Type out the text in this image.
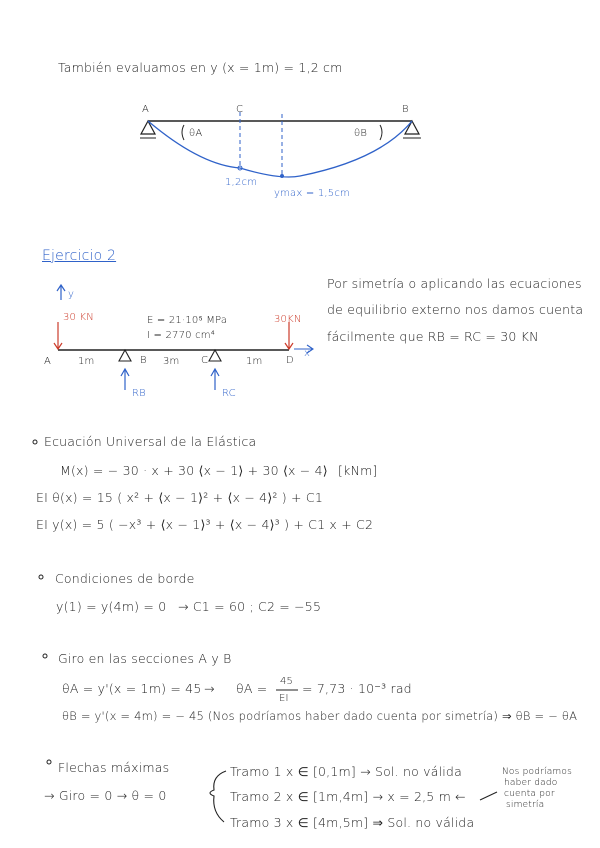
También evaluamos en y (x = 1m) = 1,2 cm
A	C	B
θA	θB
1,2cm
ymax = 1,5cm
Ejercicio 2
y
x
30 KN	30KN
E = 21·10⁵ MPa
I = 2770 cm⁴
A	B	C	D
1m	3m	1m
RB	RC
Por simetría o aplicando las ecuaciones
de equilibrio externo nos damos cuenta
fácilmente que RB = RC = 30 KN
Ecuación Universal de la Elástica
M(x) = − 30 · x + 30 ⟨x − 1⟩ + 30 ⟨x − 4⟩ [kNm]
EI θ(x) = 15 ( x² + ⟨x − 1⟩² + ⟨x − 4⟩² ) + C1
EI y(x) = 5 ( −x³ + ⟨x − 1⟩³ + ⟨x − 4⟩³ ) + C1 x + C2
Condiciones de borde
y(1) = y(4m) = 0 → C1 = 60 ; C2 = −55
Giro en las secciones A y B
θA = y'(x = 1m) = 45 → θA = 45
EI
= 7,73 · 10⁻³ rad
θB = y'(x = 4m) = − 45 (Nos podríamos haber dado cuenta por simetría) ⇒ θB = − θA
Flechas máximas
→ Giro = 0 → θ = 0
Tramo 1 x ∈ [0,1m] → Sol. no válida
Tramo 2 x ∈ [1m,4m] → x = 2,5 m ←
Tramo 3 x ∈ [4m,5m] ⇒ Sol. no válida
Nos podríamos
haber dado
cuenta por
simetría
